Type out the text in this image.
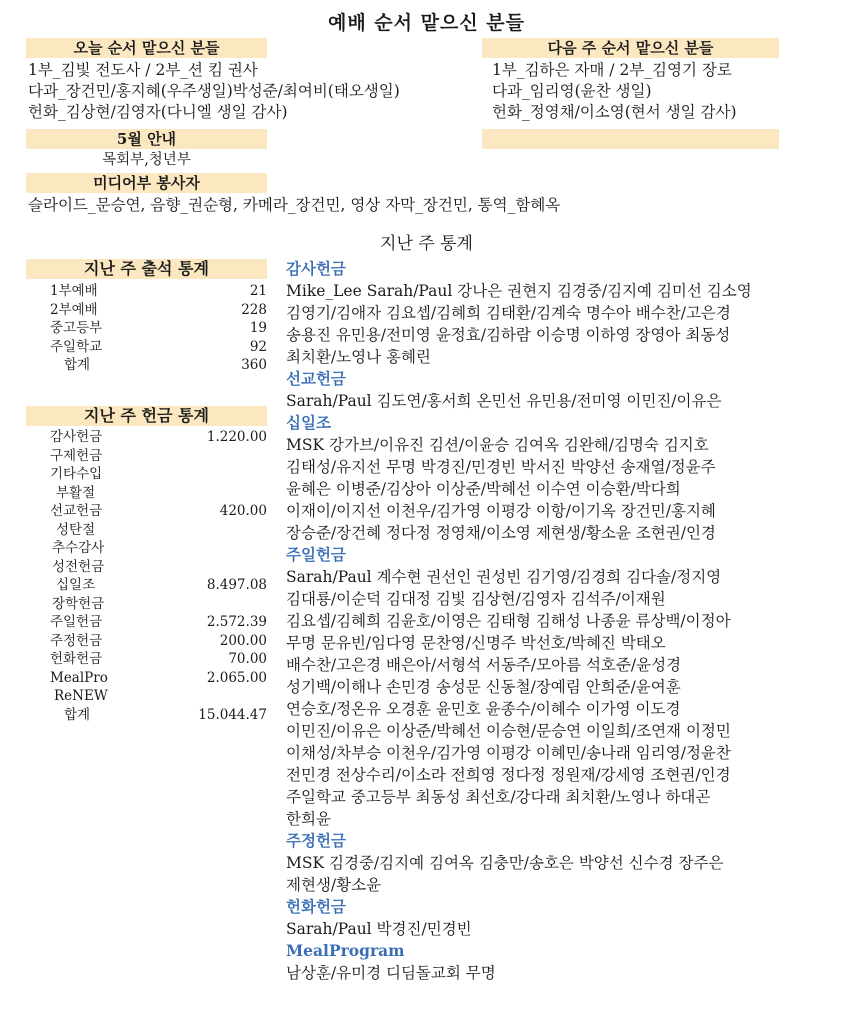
예배 순서 맡으신 분들
오늘 순서 맡으신 분들
1부_김빛 전도사 / 2부_션 킴 권사
다과_장건민/홍지혜(우주생일)박성준/최여비(태오생일)
헌화_김상현/김영자(다니엘 생일 감사)
다음 주 순서 맡으신 분들
1부_김하은 자매 / 2부_김영기 장로
다과_임리영(윤찬 생일)
헌화_정영채/이소영(현서 생일 감사)
5월 안내
목회부,청년부
미디어부 봉사자
슬라이드_문승연, 음향_권순형, 카메라_장건민, 영상 자막_장건민, 통역_함혜옥
지난 주 통계
지난 주 출석 통계
1부예배	21
2부예배	228
중고등부	19
주일학교	92
합계	360
지난 주 헌금 통계
감사헌금	1.220.00
구제헌금
기타수입
부활절
선교헌금	420.00
성탄절
추수감사
성전헌금
십일조	8.497.08
장학헌금
주일헌금	2.572.39
주정헌금	200.00
헌화헌금	70.00
MealPro	2.065.00
ReNEW
합계	15.044.47
감사헌금
Mike_Lee Sarah/Paul 강나은 권현지 김경중/김지예 김미선 김소영
김영기/김애자 김요셉/김혜희 김태환/김계숙 명수아 배수찬/고은경
송용진 유민용/전미영 윤정효/김하람 이승명 이하영 장영아 최동성
최치환/노영나 홍혜린
선교헌금
Sarah/Paul 김도연/홍서희 온민선 유민용/전미영 이민진/이유은
십일조
MSK 강가브/이유진 김션/이윤승 김여옥 김완해/김명숙 김지호
김태성/유지선 무명 박경진/민경빈 박서진 박양선 송재열/정윤주
윤혜은 이병준/김상아 이상준/박혜선 이수연 이승환/박다희
이재이/이지선 이천우/김가영 이평강 이항/이기옥 장건민/홍지혜
장승준/장건혜 정다정 정영채/이소영 제현생/황소윤 조현권/인경
주일헌금
Sarah/Paul 계수현 권선인 권성빈 김기영/김경희 김다솔/정지영
김대룡/이순덕 김대정 김빛 김상현/김영자 김석주/이재원
김요셉/김혜희 김윤호/이영은 김태형 김해성 나종윤 류상백/이정아
무명 문유빈/임다영 문찬영/신명주 박선호/박혜진 박태오
배수찬/고은경 배은아/서형석 서동주/모아름 석호준/윤성경
성기백/이해나 손민경 송성문 신동철/장예림 안희준/윤여훈
연승호/정온유 오경훈 윤민호 윤종수/이혜수 이가영 이도경
이민진/이유은 이상준/박혜선 이승현/문승연 이일희/조연재 이정민
이채성/차부승 이천우/김가영 이평강 이혜민/송나래 임리영/정윤찬
전민경 전상수리/이소라 전희영 정다정 정원재/강세영 조현권/인경
주일학교 중고등부 최동성 최선호/강다래 최치환/노영나 하대곤
한희윤
주정헌금
MSK 김경중/김지예 김여옥 김충만/송호은 박양선 신수경 장주은
제현생/황소윤
헌화헌금
Sarah/Paul 박경진/민경빈
MealProgram
남상훈/유미경 디딤돌교회 무명
